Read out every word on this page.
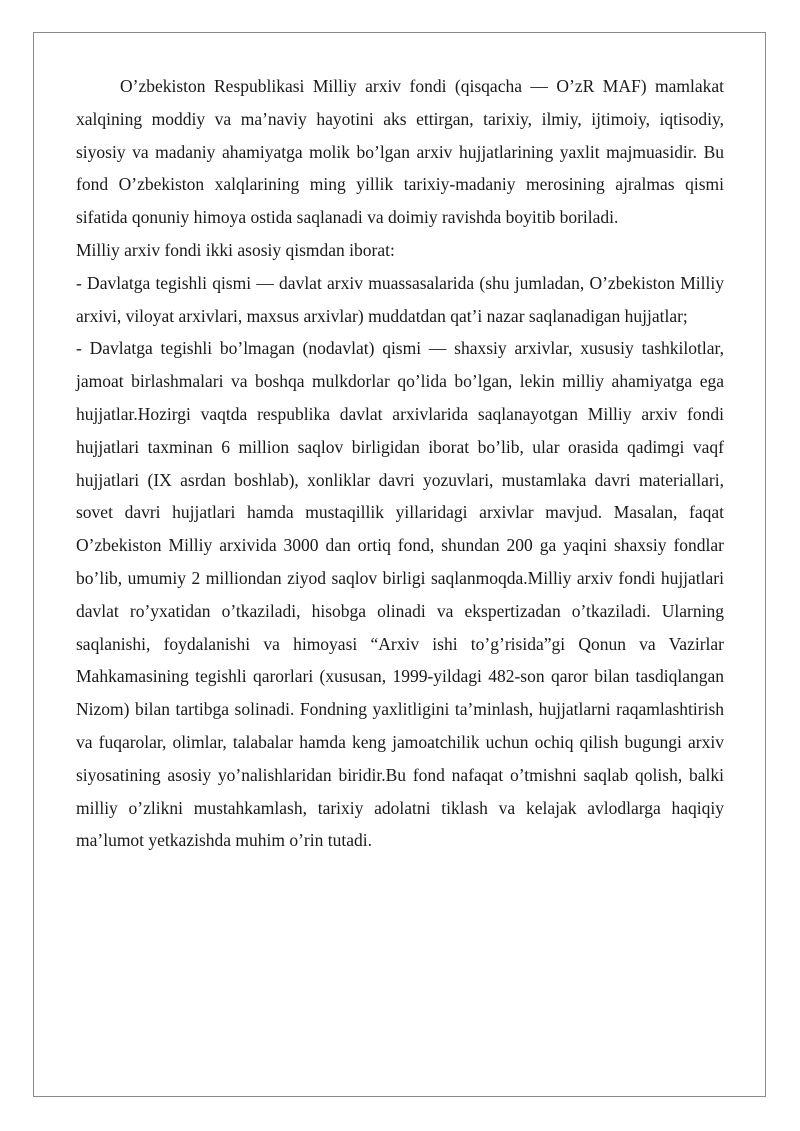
O’zbekiston Respublikasi Milliy arxiv fondi (qisqacha — O’zR MAF) mamlakat xalqining moddiy va ma’naviy hayotini aks ettirgan, tarixiy, ilmiy, ijtimoiy, iqtisodiy, siyosiy va madaniy ahamiyatga molik bo’lgan arxiv hujjatlarining yaxlit majmuasidir. Bu fond O’zbekiston xalqlarining ming yillik tarixiy-madaniy merosining ajralmas qismi sifatida qonuniy himoya ostida saqlanadi va doimiy ravishda boyitib boriladi.

Milliy arxiv fondi ikki asosiy qismdan iborat:

- Davlatga tegishli qismi — davlat arxiv muassasalarida (shu jumladan, O’zbekiston Milliy arxivi, viloyat arxivlari, maxsus arxivlar) muddatdan qat’i nazar saqlanadigan hujjatlar;

- Davlatga tegishli bo’lmagan (nodavlat) qismi — shaxsiy arxivlar, xususiy tashkilotlar, jamoat birlashmalari va boshqa mulkdorlar qo’lida bo’lgan, lekin milliy ahamiyatga ega hujjatlar.Hozirgi vaqtda respublika davlat arxivlarida saqlanayotgan Milliy arxiv fondi hujjatlari taxminan 6 million saqlov birligidan iborat bo’lib, ular orasida qadimgi vaqf hujjatlari (IX asrdan boshlab), xonliklar davri yozuvlari, mustamlaka davri materiallari, sovet davri hujjatlari hamda mustaqillik yillaridagi arxivlar mavjud. Masalan, faqat O’zbekiston Milliy arxivida 3000 dan ortiq fond, shundan 200 ga yaqini shaxsiy fondlar bo’lib, umumiy 2 milliondan ziyod saqlov birligi saqlanmoqda.Milliy arxiv fondi hujjatlari davlat ro’yxatidan o’tkaziladi, hisobga olinadi va ekspertizadan o’tkaziladi. Ularning saqlanishi, foydalanishi va himoyasi “Arxiv ishi to’g’risida”gi Qonun va Vazirlar Mahkamasining tegishli qarorlari (xususan, 1999-yildagi 482-son qaror bilan tasdiqlangan Nizom) bilan tartibga solinadi. Fondning yaxlitligini ta’minlash, hujjatlarni raqamlashtirish va fuqarolar, olimlar, talabalar hamda keng jamoatchilik uchun ochiq qilish bugungi arxiv siyosatining asosiy yo’nalishlaridan biridir.Bu fond nafaqat o’tmishni saqlab qolish, balki milliy o’zlikni mustahkamlash, tarixiy adolatni tiklash va kelajak avlodlarga haqiqiy ma’lumot yetkazishda muhim o’rin tutadi.
